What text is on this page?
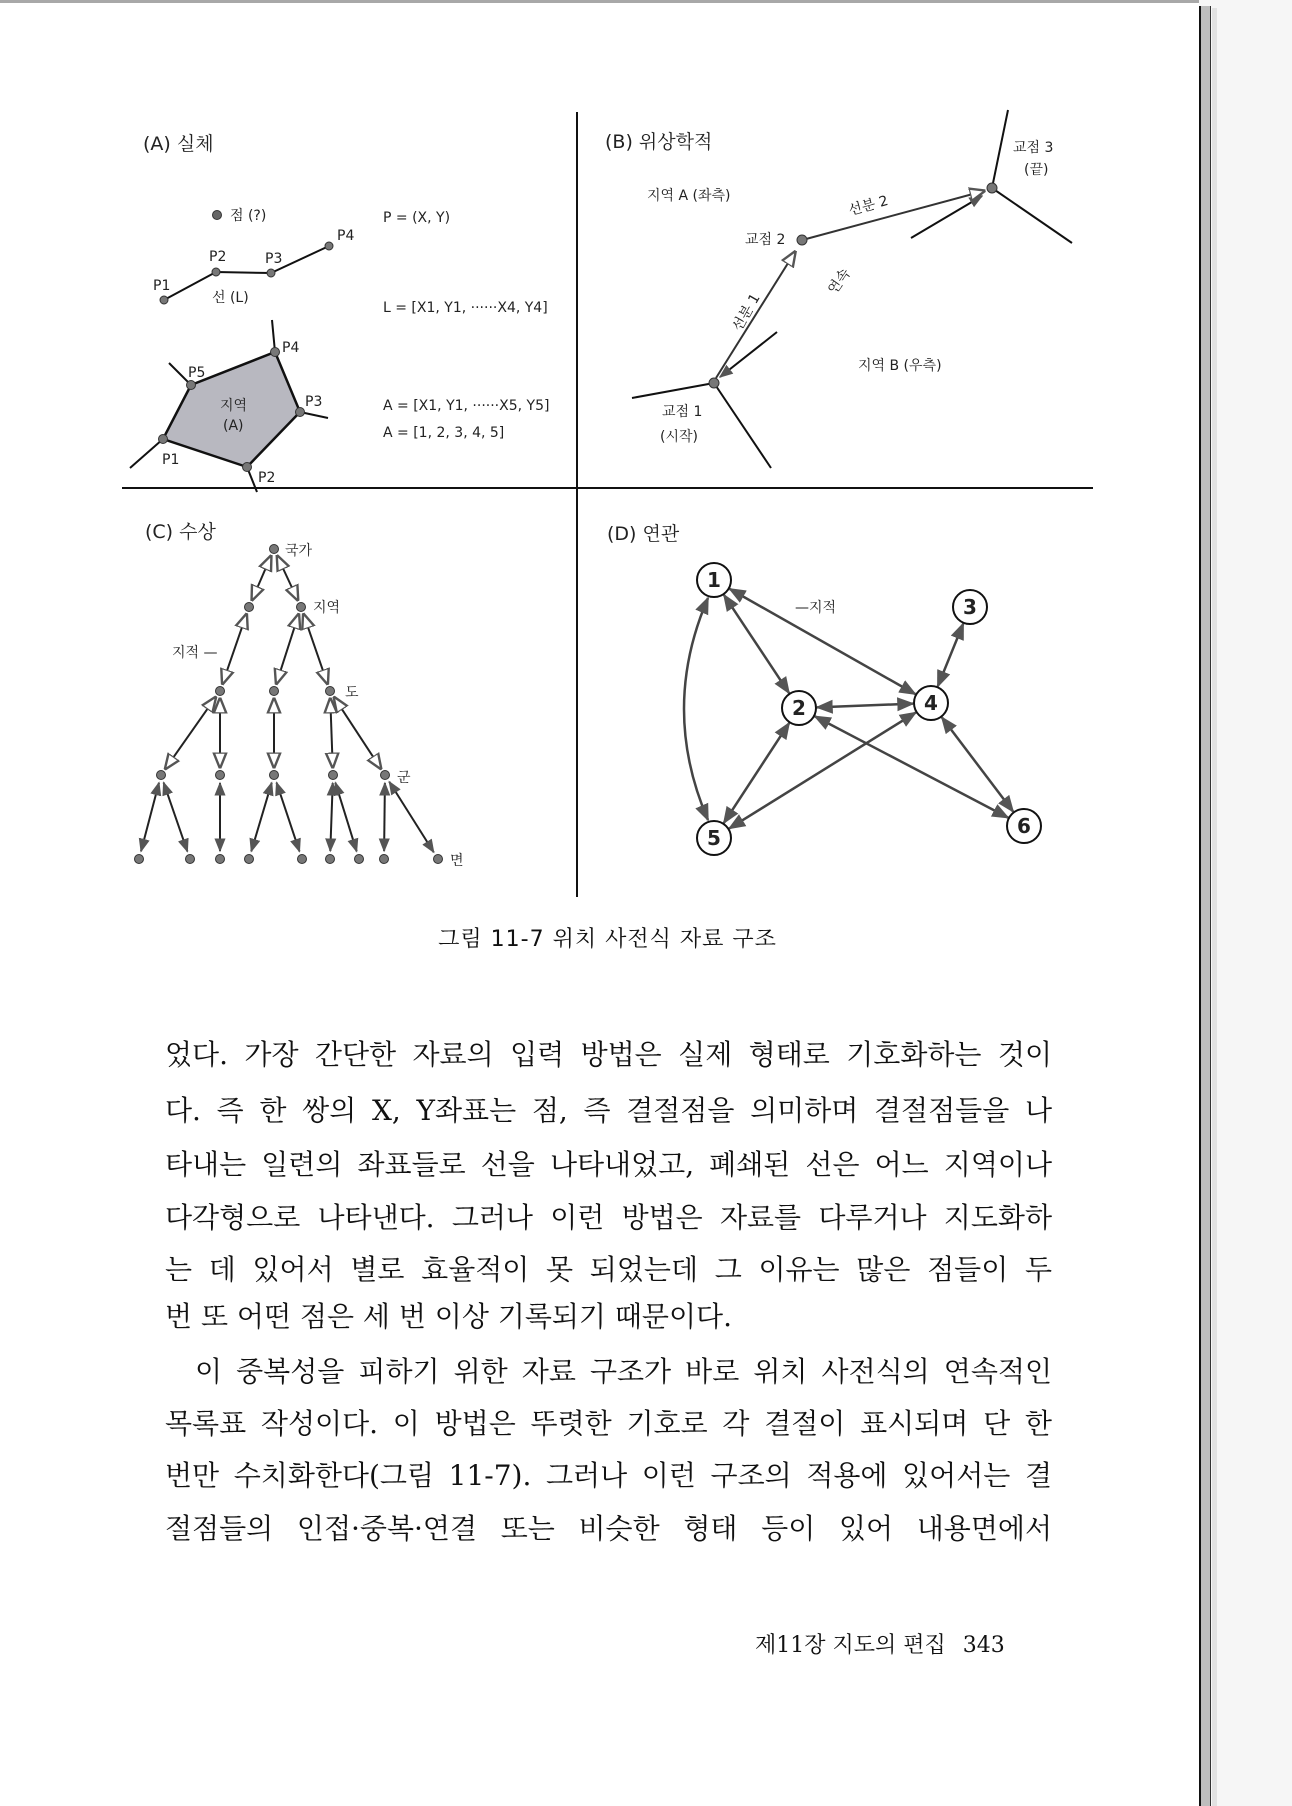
(A) 실체
점 (?)
P1
P2	P3
P4
선 (L)
지역
(A)
P4
P5
P3
P2
P1
P = (X, Y)
L = [X1, Y1, ······X4, Y4]
A = [X1, Y1, ······X5, Y5]
A = [1, 2, 3, 4, 5]
(B) 위상학적	교점 3
(끝)
지역 A (좌측)	선분 2
교점 2
연속
선분 1
지역 B (우측)
교점 1
(시작)
(C) 수상
국가
지역
도
군
면
지적 —
(D) 연관
1
2
3
4
5	6
—지적
그림 11-7 위치 사전식 자료 구조
었다. 가장 간단한 자료의 입력 방법은 실제 형태로 기호화하는 것이
다. 즉 한 쌍의 X, Y좌표는 점, 즉 결절점을 의미하며 결절점들을 나
타내는 일련의 좌표들로 선을 나타내었고, 폐쇄된 선은 어느 지역이나
다각형으로 나타낸다. 그러나 이런 방법은 자료를 다루거나 지도화하
는 데 있어서 별로 효율적이 못 되었는데 그 이유는 많은 점들이 두
번 또 어떤 점은 세 번 이상 기록되기 때문이다.
이 중복성을 피하기 위한 자료 구조가 바로 위치 사전식의 연속적인
목록표 작성이다. 이 방법은 뚜렷한 기호로 각 결절이 표시되며 단 한
번만 수치화한다(그림 11-7). 그러나 이런 구조의 적용에 있어서는 결
절점들의 인접·중복·연결 또는 비슷한 형태 등이 있어 내용면에서
제11장 지도의 편집 343
